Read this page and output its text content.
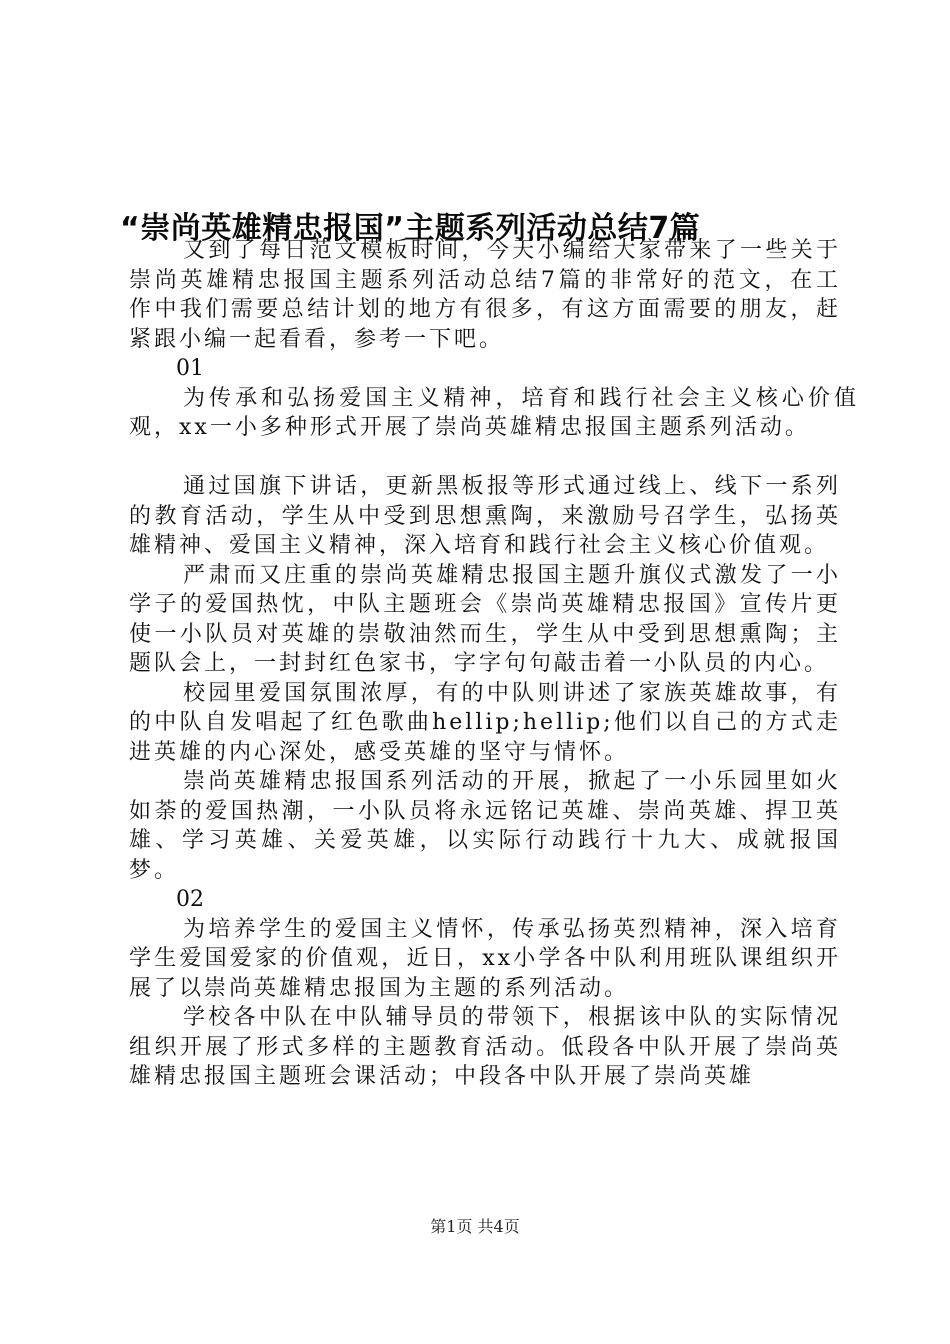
“崇尚英雄精忠报国”主题系列活动总结7篇

又到了每日范文模板时间，今天小编给大家带来了一些关于崇尚英雄精忠报国主题系列活动总结7篇的非常好的范文，在工作中我们需要总结计划的地方有很多，有这方面需要的朋友，赶紧跟小编一起看看，参考一下吧。

01

为传承和弘扬爱国主义精神，培育和践行社会主义核心价值观，xx一小多种形式开展了崇尚英雄精忠报国主题系列活动。

通过国旗下讲话，更新黑板报等形式通过线上、线下一系列的教育活动，学生从中受到思想熏陶，来激励号召学生，弘扬英雄精神、爱国主义精神，深入培育和践行社会主义核心价值观。

严肃而又庄重的崇尚英雄精忠报国主题升旗仪式激发了一小学子的爱国热忱，中队主题班会《崇尚英雄精忠报国》宣传片更使一小队员对英雄的崇敬油然而生，学生从中受到思想熏陶；主题队会上，一封封红色家书，字字句句敲击着一小队员的内心。

校园里爱国氛围浓厚，有的中队则讲述了家族英雄故事，有的中队自发唱起了红色歌曲hellip;hellip;他们以自己的方式走进英雄的内心深处，感受英雄的坚守与情怀。

崇尚英雄精忠报国系列活动的开展，掀起了一小乐园里如火如荼的爱国热潮，一小队员将永远铭记英雄、崇尚英雄、捍卫英雄、学习英雄、关爱英雄，以实际行动践行十九大、成就报国梦。

02

为培养学生的爱国主义情怀，传承弘扬英烈精神，深入培育学生爱国爱家的价值观，近日，xx小学各中队利用班队课组织开展了以崇尚英雄精忠报国为主题的系列活动。

学校各中队在中队辅导员的带领下，根据该中队的实际情况组织开展了形式多样的主题教育活动。低段各中队开展了崇尚英雄精忠报国主题班会课活动；中段各中队开展了崇尚英雄

第1页 共4页
